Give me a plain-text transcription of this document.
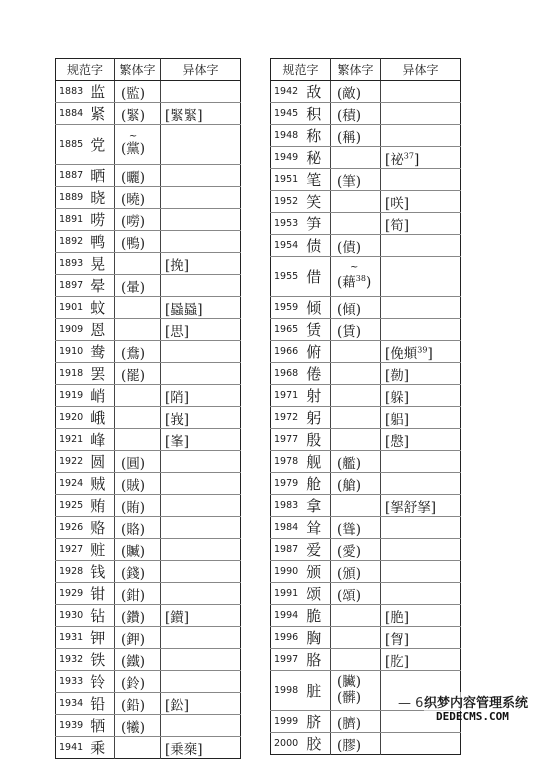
规范字		繁体字	异体字
1883	监	(監)	
1884	紧	(緊)	[緊緊]
1885	党	~
(黨)	

1887	晒	(曬)	
1889	晓	(曉)	
1891	唠	(嘮)	
1892	鸭	(鴨)	
1893	晃		[挽]
1897	晕	(暈)	
1901	蚊		[蟁蟁]
1909	恩		[思]
1910	鸯	(鴦)	
1918	罢	(罷)	
1919	峭		[陗]
1920	峨		[峩]
1921	峰		[峯]
1922	圆	(圓)	
1924	贼	(賊)	
1925	贿	(賄)	
1926	赂	(賂)	
1927	赃	(贓)	
1928	钱	(錢)	
1929	钳	(鉗)	
1930	钻	(鑽)	[鑚]
1931	钾	(鉀)	
1932	铁	(鐵)	
1933	铃	(鈴)	
1934	铅	(鉛)	[鈆]
1939	牺	(犧)	
1941	乘		[乗椉]
规范字		繁体字	异体字
1942	敌	(敵)	
1945	积	(積)	
1948	称	(稱)	
1949	秘		[祕$^{37}$]
1951	笔	(筆)	
1952	笑		[咲]
1953	笋		[筍]
1954	债	(債)	
1955	借	~
(藉$^{38}$)	

1959	倾	(傾)	
1965	赁	(賃)	
1966	俯		[俛頫$^{39}$]
1968	倦		[勌]
1971	射		[躲]
1972	躬		[躳]
1977	殷		[慇]
1978	舰	(艦)	
1979	舱	(艙)	
1983	拿		[挐舒拏]
1984	耸	(聳)	
1987	爱	(愛)	
1990	颁	(頒)	
1991	颂	(頌)	
1994	脆		[脃]
1996	胸		[胷]
1997	胳		[肐]
1998	脏	(臟)
(髒)	

1999	脐	(臍)	
2000	胶	(膠)	
— 6 织梦内容管理系统
DEDECMS.COM
